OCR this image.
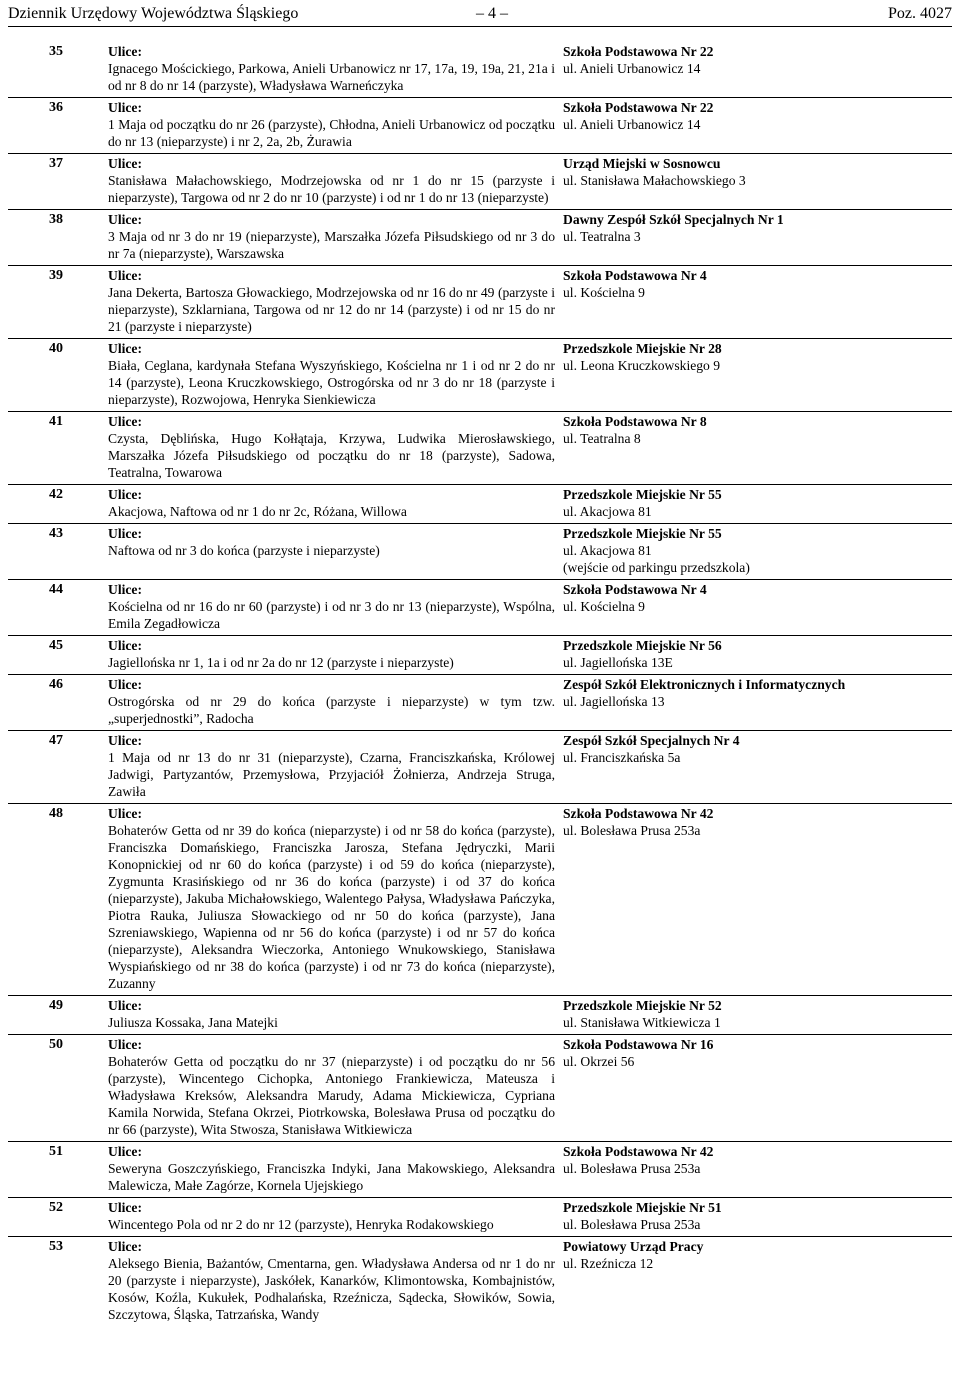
Dziennik Urzędowy Województwa Śląskiego	– 4 –	Poz. 4027
35	Ulice:
Ignacego Mościckiego, Parkowa, Anieli Urbanowicz nr 17, 17a, 19, 19a, 21, 21a i od nr 8 do nr 14 (parzyste), Władysława Warneńczyka	Szkoła Podstawowa Nr 22
ul. Anieli Urbanowicz 14

36	Ulice:
1 Maja od początku do nr 26 (parzyste), Chłodna, Anieli Urbanowicz od początku do nr 13 (nieparzyste) i nr 2, 2a, 2b, Żurawia	Szkoła Podstawowa Nr 22
ul. Anieli Urbanowicz 14

37	Ulice:
Stanisława Małachowskiego, Modrzejowska od nr 1 do nr 15 (parzyste i nieparzyste), Targowa od nr 2 do nr 10 (parzyste) i od nr 1 do nr 13 (nieparzyste)	Urząd Miejski w Sosnowcu
ul. Stanisława Małachowskiego 3

38	Ulice:
3 Maja od nr 3 do nr 19 (nieparzyste), Marszałka Józefa Piłsudskiego od nr 3 do nr 7a (nieparzyste), Warszawska	Dawny Zespół Szkół Specjalnych Nr 1
ul. Teatralna 3

39	Ulice:
Jana Dekerta, Bartosza Głowackiego, Modrzejowska od nr 16 do nr 49 (parzyste i nieparzyste), Szklarniana, Targowa od nr 12 do nr 14 (parzyste) i od nr 15 do nr 21 (parzyste i nieparzyste)	Szkoła Podstawowa Nr 4
ul. Kościelna 9

40	Ulice:
Biała, Ceglana, kardynała Stefana Wyszyńskiego, Kościelna nr 1 i od nr 2 do nr 14 (parzyste), Leona Kruczkowskiego, Ostrogórska od nr 3 do nr 18 (parzyste i nieparzyste), Rozwojowa, Henryka Sienkiewicza	Przedszkole Miejskie Nr 28
ul. Leona Kruczkowskiego 9

41	Ulice:
Czysta, Dęblińska, Hugo Kołłątaja, Krzywa, Ludwika Mierosławskiego, Marszałka Józefa Piłsudskiego od początku do nr 18 (parzyste), Sadowa, Teatralna, Towarowa	Szkoła Podstawowa Nr 8
ul. Teatralna 8

42	Ulice:
Akacjowa, Naftowa od nr 1 do nr 2c, Różana, Willowa	Przedszkole Miejskie Nr 55
ul. Akacjowa 81

43	Ulice:
Naftowa od nr 3 do końca (parzyste i nieparzyste)	Przedszkole Miejskie Nr 55
ul. Akacjowa 81
(wejście od parkingu przedszkola)

44	Ulice:
Kościelna od nr 16 do nr 60 (parzyste) i od nr 3 do nr 13 (nieparzyste), Wspólna, Emila Zegadłowicza	Szkoła Podstawowa Nr 4
ul. Kościelna 9

45	Ulice:
Jagiellońska nr 1, 1a i od nr 2a do nr 12 (parzyste i nieparzyste)	Przedszkole Miejskie Nr 56
ul. Jagiellońska 13E

46	Ulice:
Ostrogórska od nr 29 do końca (parzyste i nieparzyste) w tym tzw. „superjednostki”, Radocha	Zespół Szkół Elektronicznych i Informatycznych
ul. Jagiellońska 13

47	Ulice:
1 Maja od nr 13 do nr 31 (nieparzyste), Czarna, Franciszkańska, Królowej Jadwigi, Partyzantów, Przemysłowa, Przyjaciół Żołnierza, Andrzeja Struga, Zawiła	Zespół Szkół Specjalnych Nr 4
ul. Franciszkańska 5a

48	Ulice:
Bohaterów Getta od nr 39 do końca (nieparzyste) i od nr 58 do końca (parzyste), Franciszka Domańskiego, Franciszka Jarosza, Stefana Jędryczki, Marii Konopnickiej od nr 60 do końca (parzyste) i od 59 do końca (nieparzyste), Zygmunta Krasińskiego od nr 36 do końca (parzyste) i od 37 do końca (nieparzyste), Jakuba Michałowskiego, Walentego Pałysa, Władysława Pańczyka, Piotra Rauka, Juliusza Słowackiego od nr 50 do końca (parzyste), Jana Szreniawskiego, Wapienna od nr 56 do końca (parzyste) i od nr 57 do końca (nieparzyste), Aleksandra Wieczorka, Antoniego Wnukowskiego, Stanisława Wyspiańskiego od nr 38 do końca (parzyste) i od nr 73 do końca (nieparzyste), Zuzanny	Szkoła Podstawowa Nr 42
ul. Bolesława Prusa 253a

49	Ulice:
Juliusza Kossaka, Jana Matejki	Przedszkole Miejskie Nr 52
ul. Stanisława Witkiewicza 1

50	Ulice:
Bohaterów Getta od początku do nr 37 (nieparzyste) i od początku do nr 56 (parzyste), Wincentego Cichopka, Antoniego Frankiewicza, Mateusza i Władysława Kreksów, Aleksandra Marudy, Adama Mickiewicza, Cypriana Kamila Norwida, Stefana Okrzei, Piotrkowska, Bolesława Prusa od początku do nr 66 (parzyste), Wita Stwosza, Stanisława Witkiewicza	Szkoła Podstawowa Nr 16
ul. Okrzei 56

51	Ulice:
Seweryna Goszczyńskiego, Franciszka Indyki, Jana Makowskiego, Aleksandra Malewicza, Małe Zagórze, Kornela Ujejskiego	Szkoła Podstawowa Nr 42
ul. Bolesława Prusa 253a

52	Ulice:
Wincentego Pola od nr 2 do nr 12 (parzyste), Henryka Rodakowskiego	Przedszkole Miejskie Nr 51
ul. Bolesława Prusa 253a

53	Ulice:
Aleksego Bienia, Bażantów, Cmentarna, gen. Władysława Andersa od nr 1 do nr 20 (parzyste i nieparzyste), Jaskółek, Kanarków, Klimontowska, Kombajnistów, Kosów, Koźla, Kukułek, Podhalańska, Rzeźnicza, Sądecka, Słowików, Sowia, Szczytowa, Śląska, Tatrzańska, Wandy	Powiatowy Urząd Pracy
ul. Rzeźnicza 12
